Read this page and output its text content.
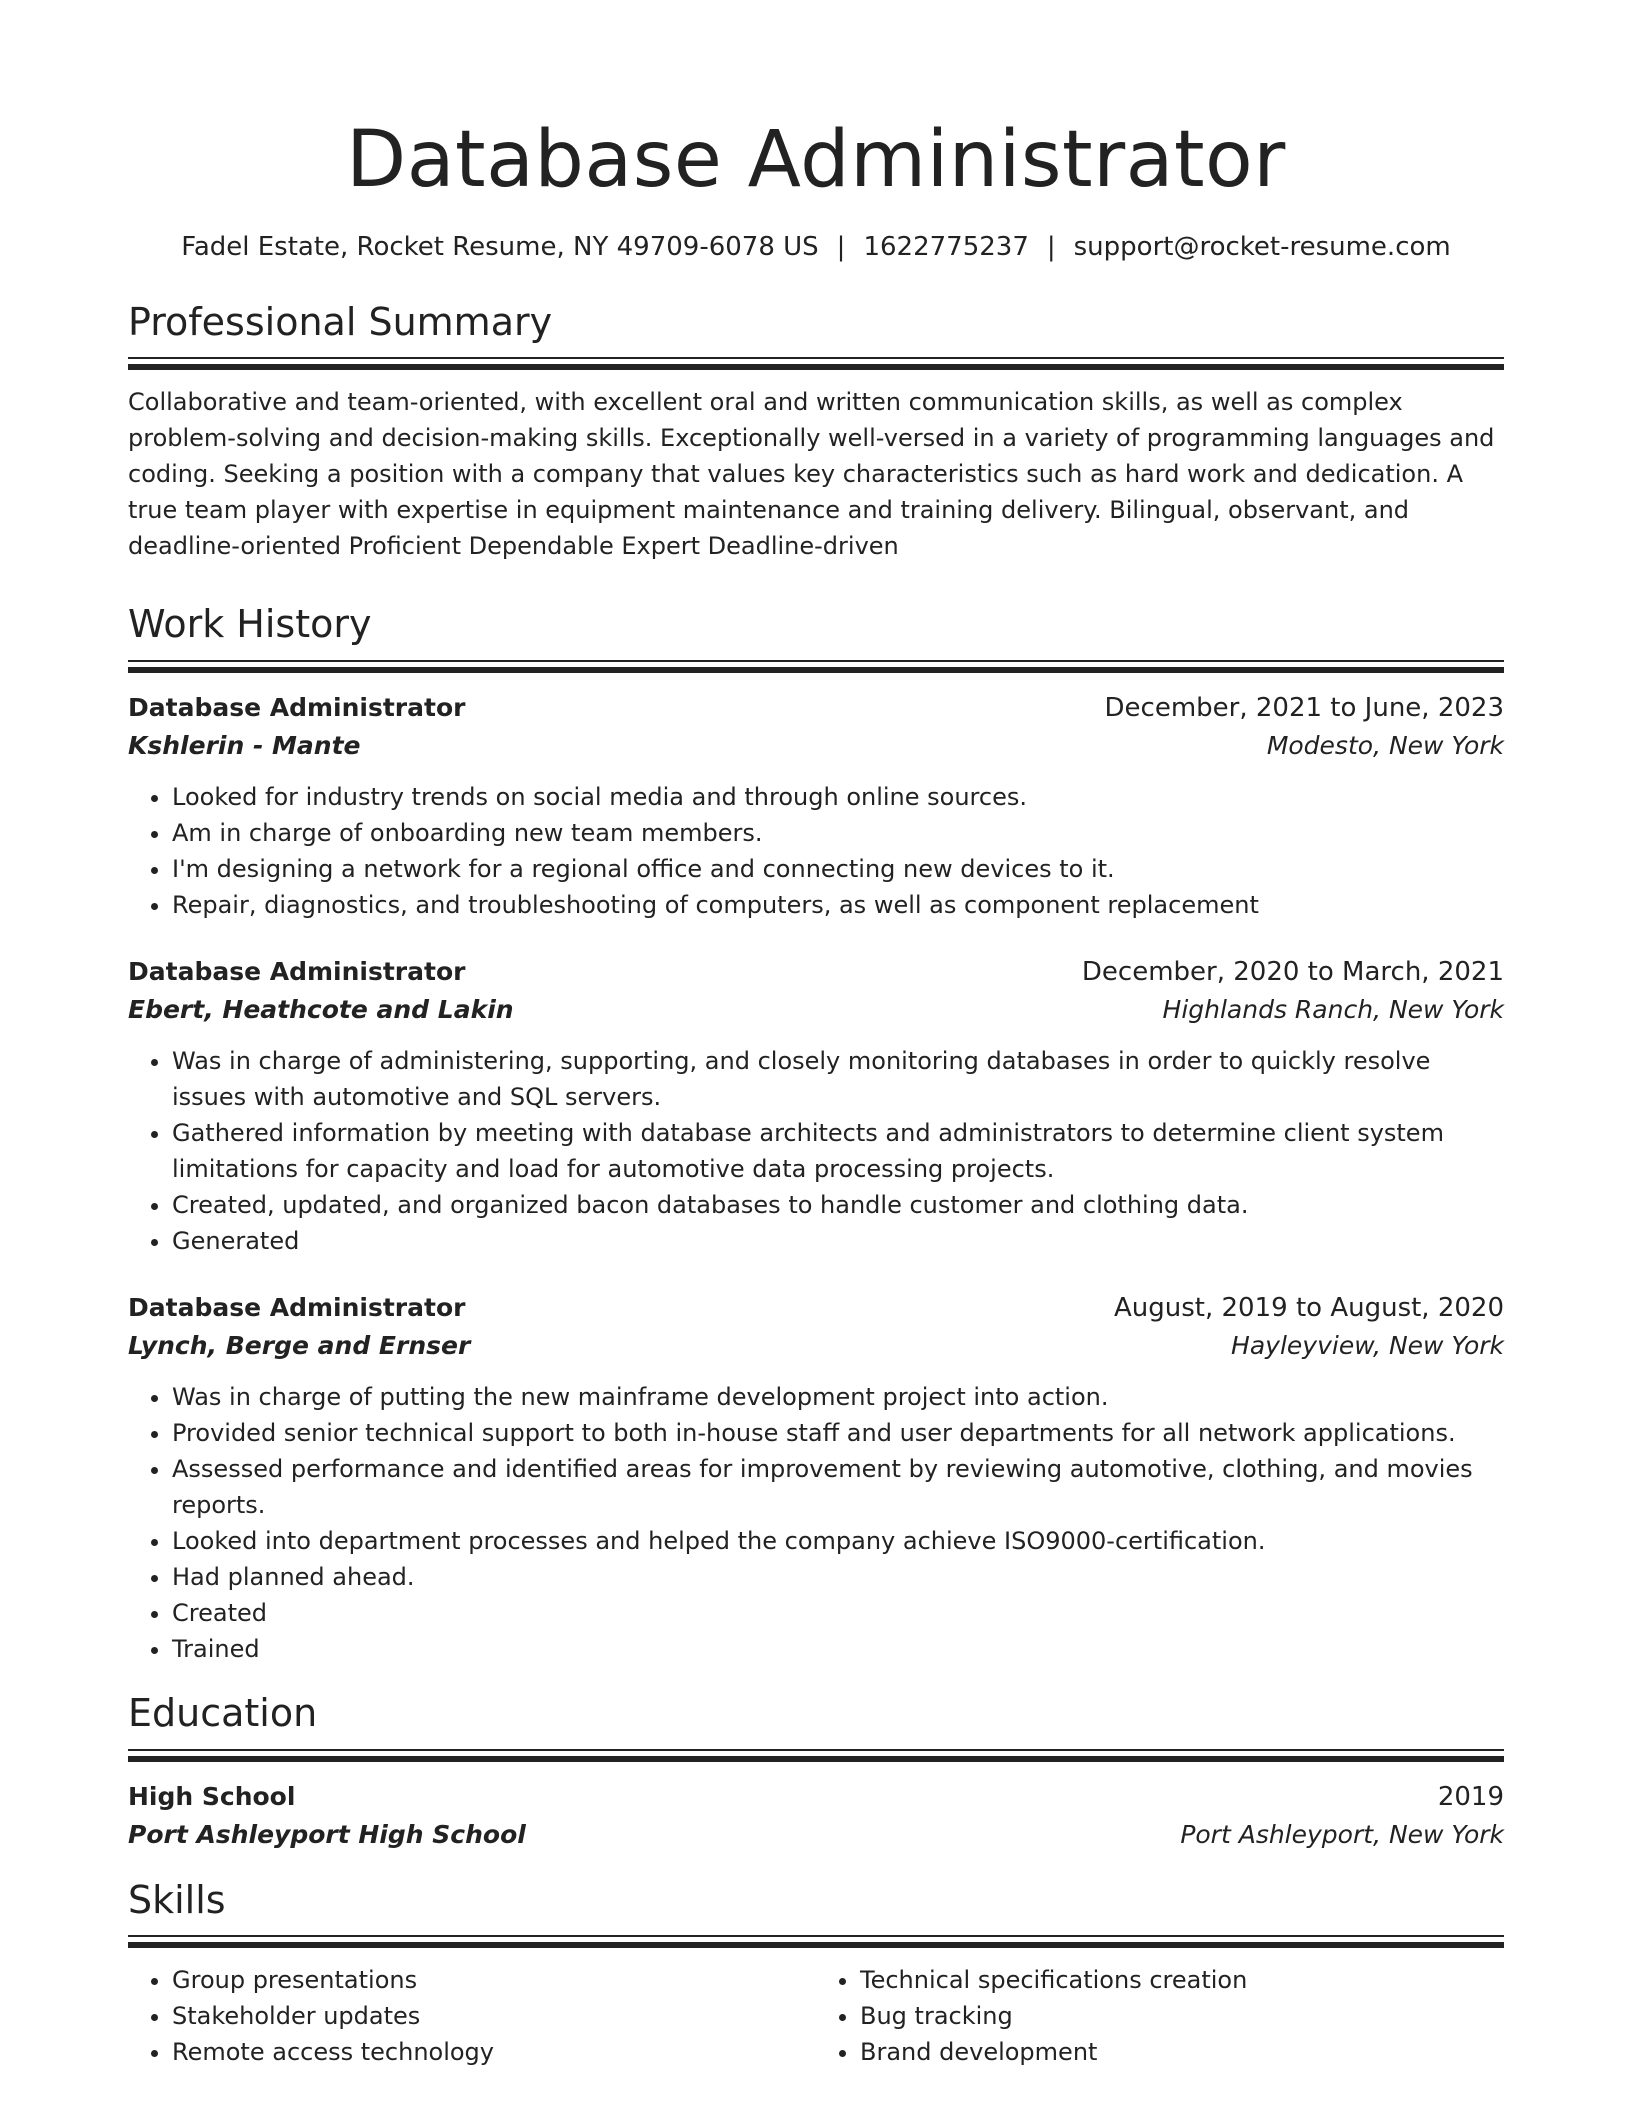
Database Administrator
Fadel Estate, Rocket Resume, NY 49709-6078 US | 1622775237 | support@rocket-resume.com
Professional Summary
Collaborative and team-oriented, with excellent oral and written communication skills, as well as complex problem-solving and decision-making skills. Exceptionally well-versed in a variety of programming languages and coding. Seeking a position with a company that values key characteristics such as hard work and dedication. A true team player with expertise in equipment maintenance and training delivery. Bilingual, observant, and deadline-oriented Proficient Dependable Expert Deadline-driven
Work History
Database Administrator	December, 2021 to June, 2023
Kshlerin - Mante	Modesto, New York
• Looked for industry trends on social media and through online sources.
• Am in charge of onboarding new team members.
• I'm designing a network for a regional office and connecting new devices to it.
• Repair, diagnostics, and troubleshooting of computers, as well as component replacement
Database Administrator	December, 2020 to March, 2021
Ebert, Heathcote and Lakin	Highlands Ranch, New York
• Was in charge of administering, supporting, and closely monitoring databases in order to quickly resolve issues with automotive and SQL servers.
• Gathered information by meeting with database architects and administrators to determine client system limitations for capacity and load for automotive data processing projects.
• Created, updated, and organized bacon databases to handle customer and clothing data.
• Generated
Database Administrator	August, 2019 to August, 2020
Lynch, Berge and Ernser	Hayleyview, New York
• Was in charge of putting the new mainframe development project into action.
• Provided senior technical support to both in-house staff and user departments for all network applications.
• Assessed performance and identified areas for improvement by reviewing automotive, clothing, and movies reports.
• Looked into department processes and helped the company achieve ISO9000-certification.
• Had planned ahead.
• Created
• Trained
Education
High School	2019
Port Ashleyport High School	Port Ashleyport, New York
Skills
• Group presentations
• Stakeholder updates
• Remote access technology
• Technical specifications creation
• Bug tracking
• Brand development
